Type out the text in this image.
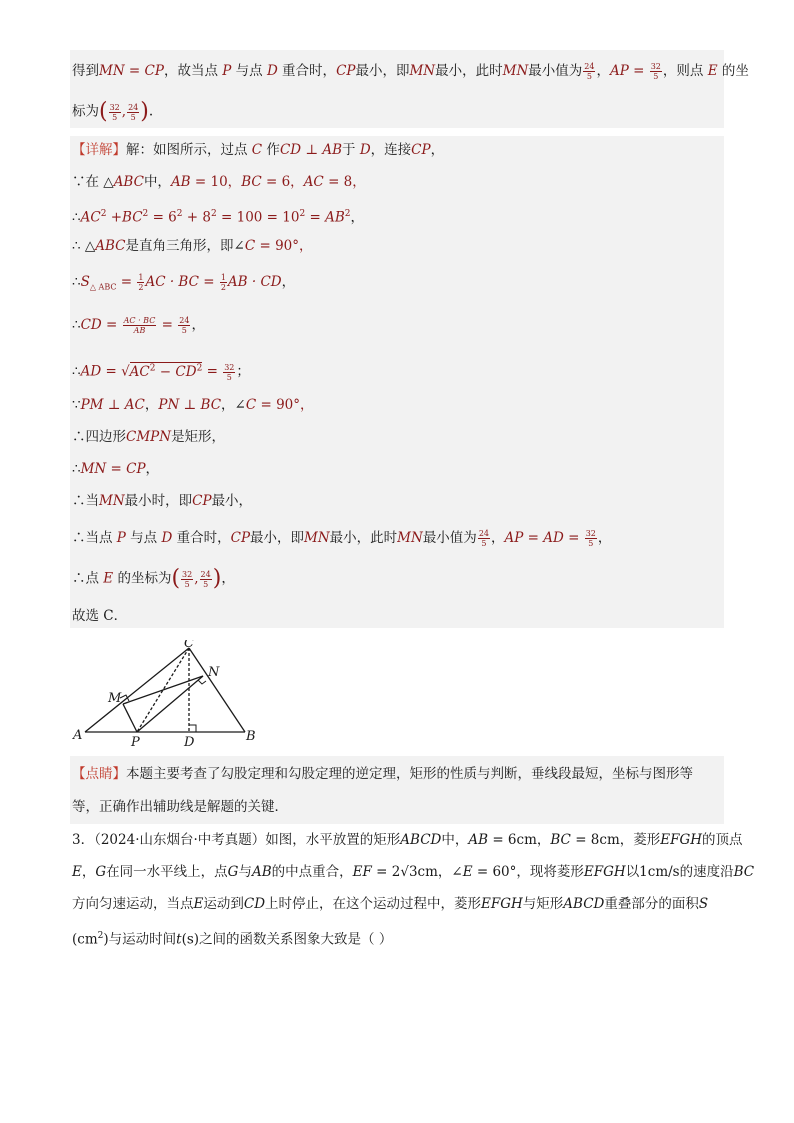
得到MN = CP，故当点 P 与点 D 重合时，CP最小，即MN最小，此时MN最小值为 $\frac{24}{5}$ ，AP = $\frac{32}{5}$ ，则点 E 的坐
标为( $\frac{32}{5}$ , $\frac{24}{5}$ ).
【详解】解：如图所示，过点 C 作CD ⊥ AB于 D，连接CP，
∵在 △ABC中，AB = 10，BC = 6，AC = 8，
$\therefore AC^2 +BC^2 = 6^2 + 8^2 = 100 = 10^2 = AB^2$，
∴ △ABC是直角三角形，即∠C = 90°，
$\therefore S_{\triangle ABC} = \frac{1}{2}$ AC · BC = $\frac{1}{2}$ AB · CD，
∴CD = $\frac{AC \cdot BC}{AB} = \frac{24}{5}$ ，
∴AD = $√AC^2 - CD^2 = \frac{32}{5}$ ；
∵PM ⊥ AC，PN ⊥ BC，∠C = 90°，
∴四边形CMPN是矩形，
∴MN = CP，
∴当MN最小时，即CP最小，
∴当点 P 与点 D 重合时，CP最小，即MN最小，此时MN最小值为 $\frac{24}{5}$ ，AP = AD = $\frac{32}{5}$ ，
∴点 E 的坐标为( $\frac{32}{5}$ , $\frac{24}{5}$ )，
故选 C．
C
N
M
A	P	D	B
【点睛】本题主要考查了勾股定理和勾股定理的逆定理，矩形的性质与判断，垂线段最短，坐标与图形等
等，正确作出辅助线是解题的关键．
3．（2024·山东烟台·中考真题）如图，水平放置的矩形ABCD中，AB = 6cm，BC = 8cm，菱形EFGH的顶点
E，G在同一水平线上，点G与AB的中点重合，EF = 2√3cm，∠E = 60°，现将菱形EFGH以1cm/s的速度沿BC
方向匀速运动，当点E运动到CD上时停止，在这个运动过程中，菱形EFGH与矩形ABCD重叠部分的面积S
$(cm^2)$与运动时间t(s)之间的函数关系图象大致是（ ）
